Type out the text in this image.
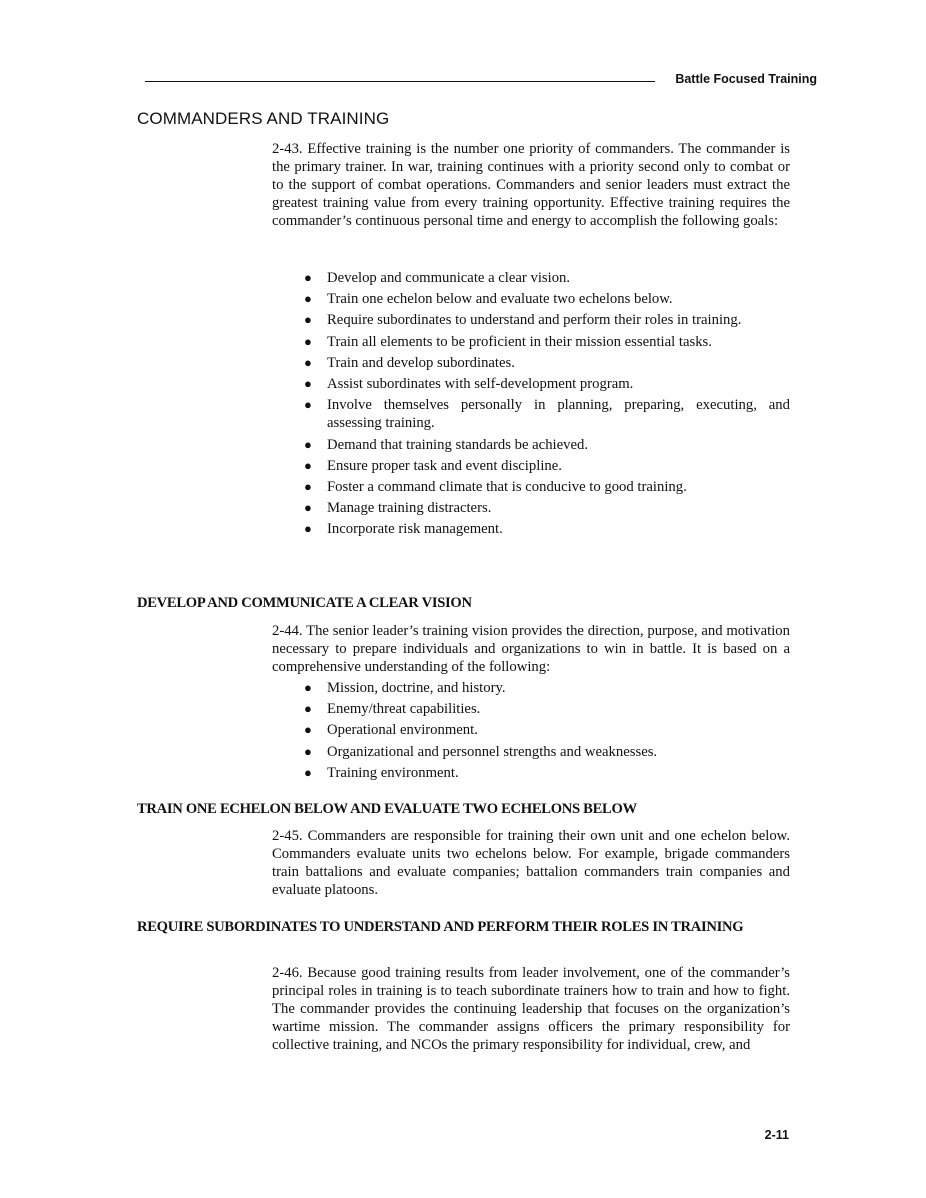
Battle Focused Training
COMMANDERS AND TRAINING

2-43. Effective training is the number one priority of commanders. The commander is the primary trainer. In war, training continues with a priority second only to combat or to the support of combat operations. Commanders and senior leaders must extract the greatest training value from every training opportunity. Effective training requires the commander’s continuous personal time and energy to accomplish the following goals:

● Develop and communicate a clear vision.
● Train one echelon below and evaluate two echelons below.
● Require subordinates to understand and perform their roles in training.
● Train all elements to be proficient in their mission essential tasks.
● Train and develop subordinates.
● Assist subordinates with self-development program.
● Involve themselves personally in planning, preparing, executing, and assessing training.
● Demand that training standards be achieved.
● Ensure proper task and event discipline.
● Foster a command climate that is conducive to good training.
● Manage training distracters.
● Incorporate risk management.
DEVELOP AND COMMUNICATE A CLEAR VISION

2-44. The senior leader’s training vision provides the direction, purpose, and motivation necessary to prepare individuals and organizations to win in battle. It is based on a comprehensive understanding of the following:

● Mission, doctrine, and history.
● Enemy/threat capabilities.
● Operational environment.
● Organizational and personnel strengths and weaknesses.
● Training environment.
TRAIN ONE ECHELON BELOW AND EVALUATE TWO ECHELONS BELOW

2-45. Commanders are responsible for training their own unit and one echelon below. Commanders evaluate units two echelons below. For example, brigade commanders train battalions and evaluate companies; battalion commanders train companies and evaluate platoons.

REQUIRE SUBORDINATES TO UNDERSTAND AND PERFORM THEIR ROLES IN TRAINING

2-46. Because good training results from leader involvement, one of the commander’s principal roles in training is to teach subordinate trainers how to train and how to fight. The commander provides the continuing leadership that focuses on the organization’s wartime mission. The commander assigns officers the primary responsibility for collective training, and NCOs the primary responsibility for individual, crew, and

2-11
